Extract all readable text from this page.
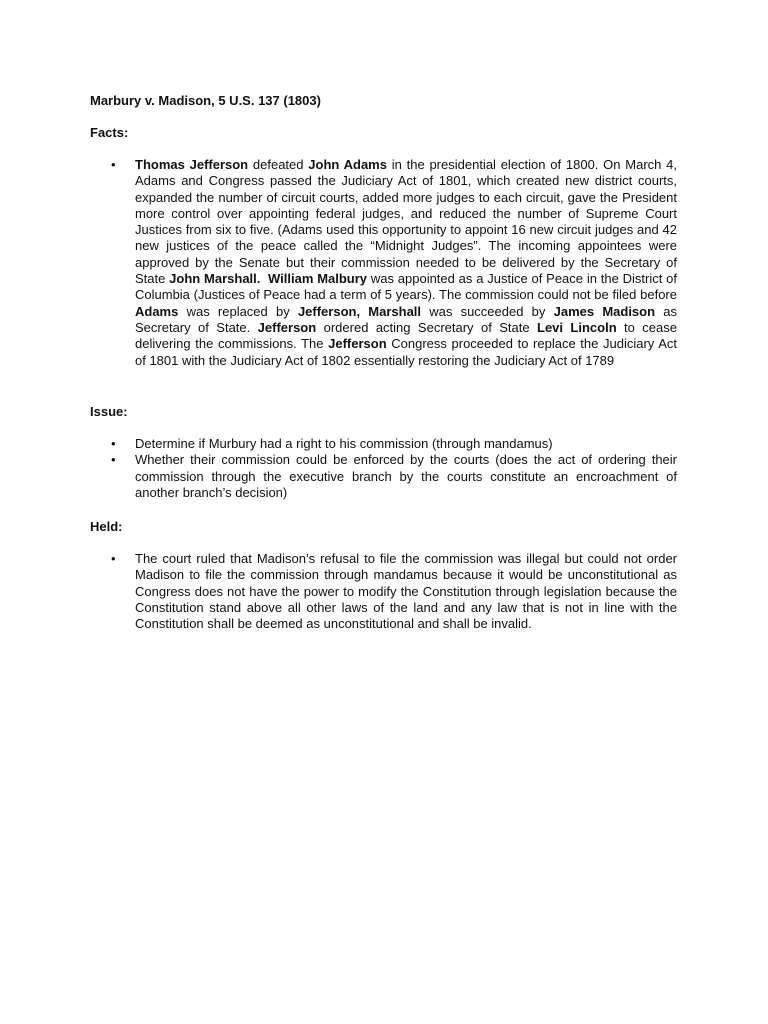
Marbury v. Madison, 5 U.S. 137 (1803)
Facts:
• Thomas Jefferson defeated John Adams in the presidential election of 1800. On March 4, Adams and Congress passed the Judiciary Act of 1801, which created new district courts, expanded the number of circuit courts, added more judges to each circuit, gave the President more control over appointing federal judges, and reduced the number of Supreme Court Justices from six to five. (Adams used this opportunity to appoint 16 new circuit judges and 42 new justices of the peace called the “Midnight Judges”. The incoming appointees were approved by the Senate but their commission needed to be delivered by the Secretary of State John Marshall. William Malbury was appointed as a Justice of Peace in the District of Columbia (Justices of Peace had a term of 5 years). The commission could not be filed before Adams was replaced by Jefferson, Marshall was succeeded by James Madison as Secretary of State. Jefferson ordered acting Secretary of State Levi Lincoln to cease delivering the commissions. The Jefferson Congress proceeded to replace the Judiciary Act of 1801 with the Judiciary Act of 1802 essentially restoring the Judiciary Act of 1789
Issue:
• Determine if Murbury had a right to his commission (through mandamus)
• Whether their commission could be enforced by the courts (does the act of ordering their commission through the executive branch by the courts constitute an encroachment of another branch’s decision)
Held:
• The court ruled that Madison’s refusal to file the commission was illegal but could not order Madison to file the commission through mandamus because it would be unconstitutional as Congress does not have the power to modify the Constitution through legislation because the Constitution stand above all other laws of the land and any law that is not in line with the Constitution shall be deemed as unconstitutional and shall be invalid.
